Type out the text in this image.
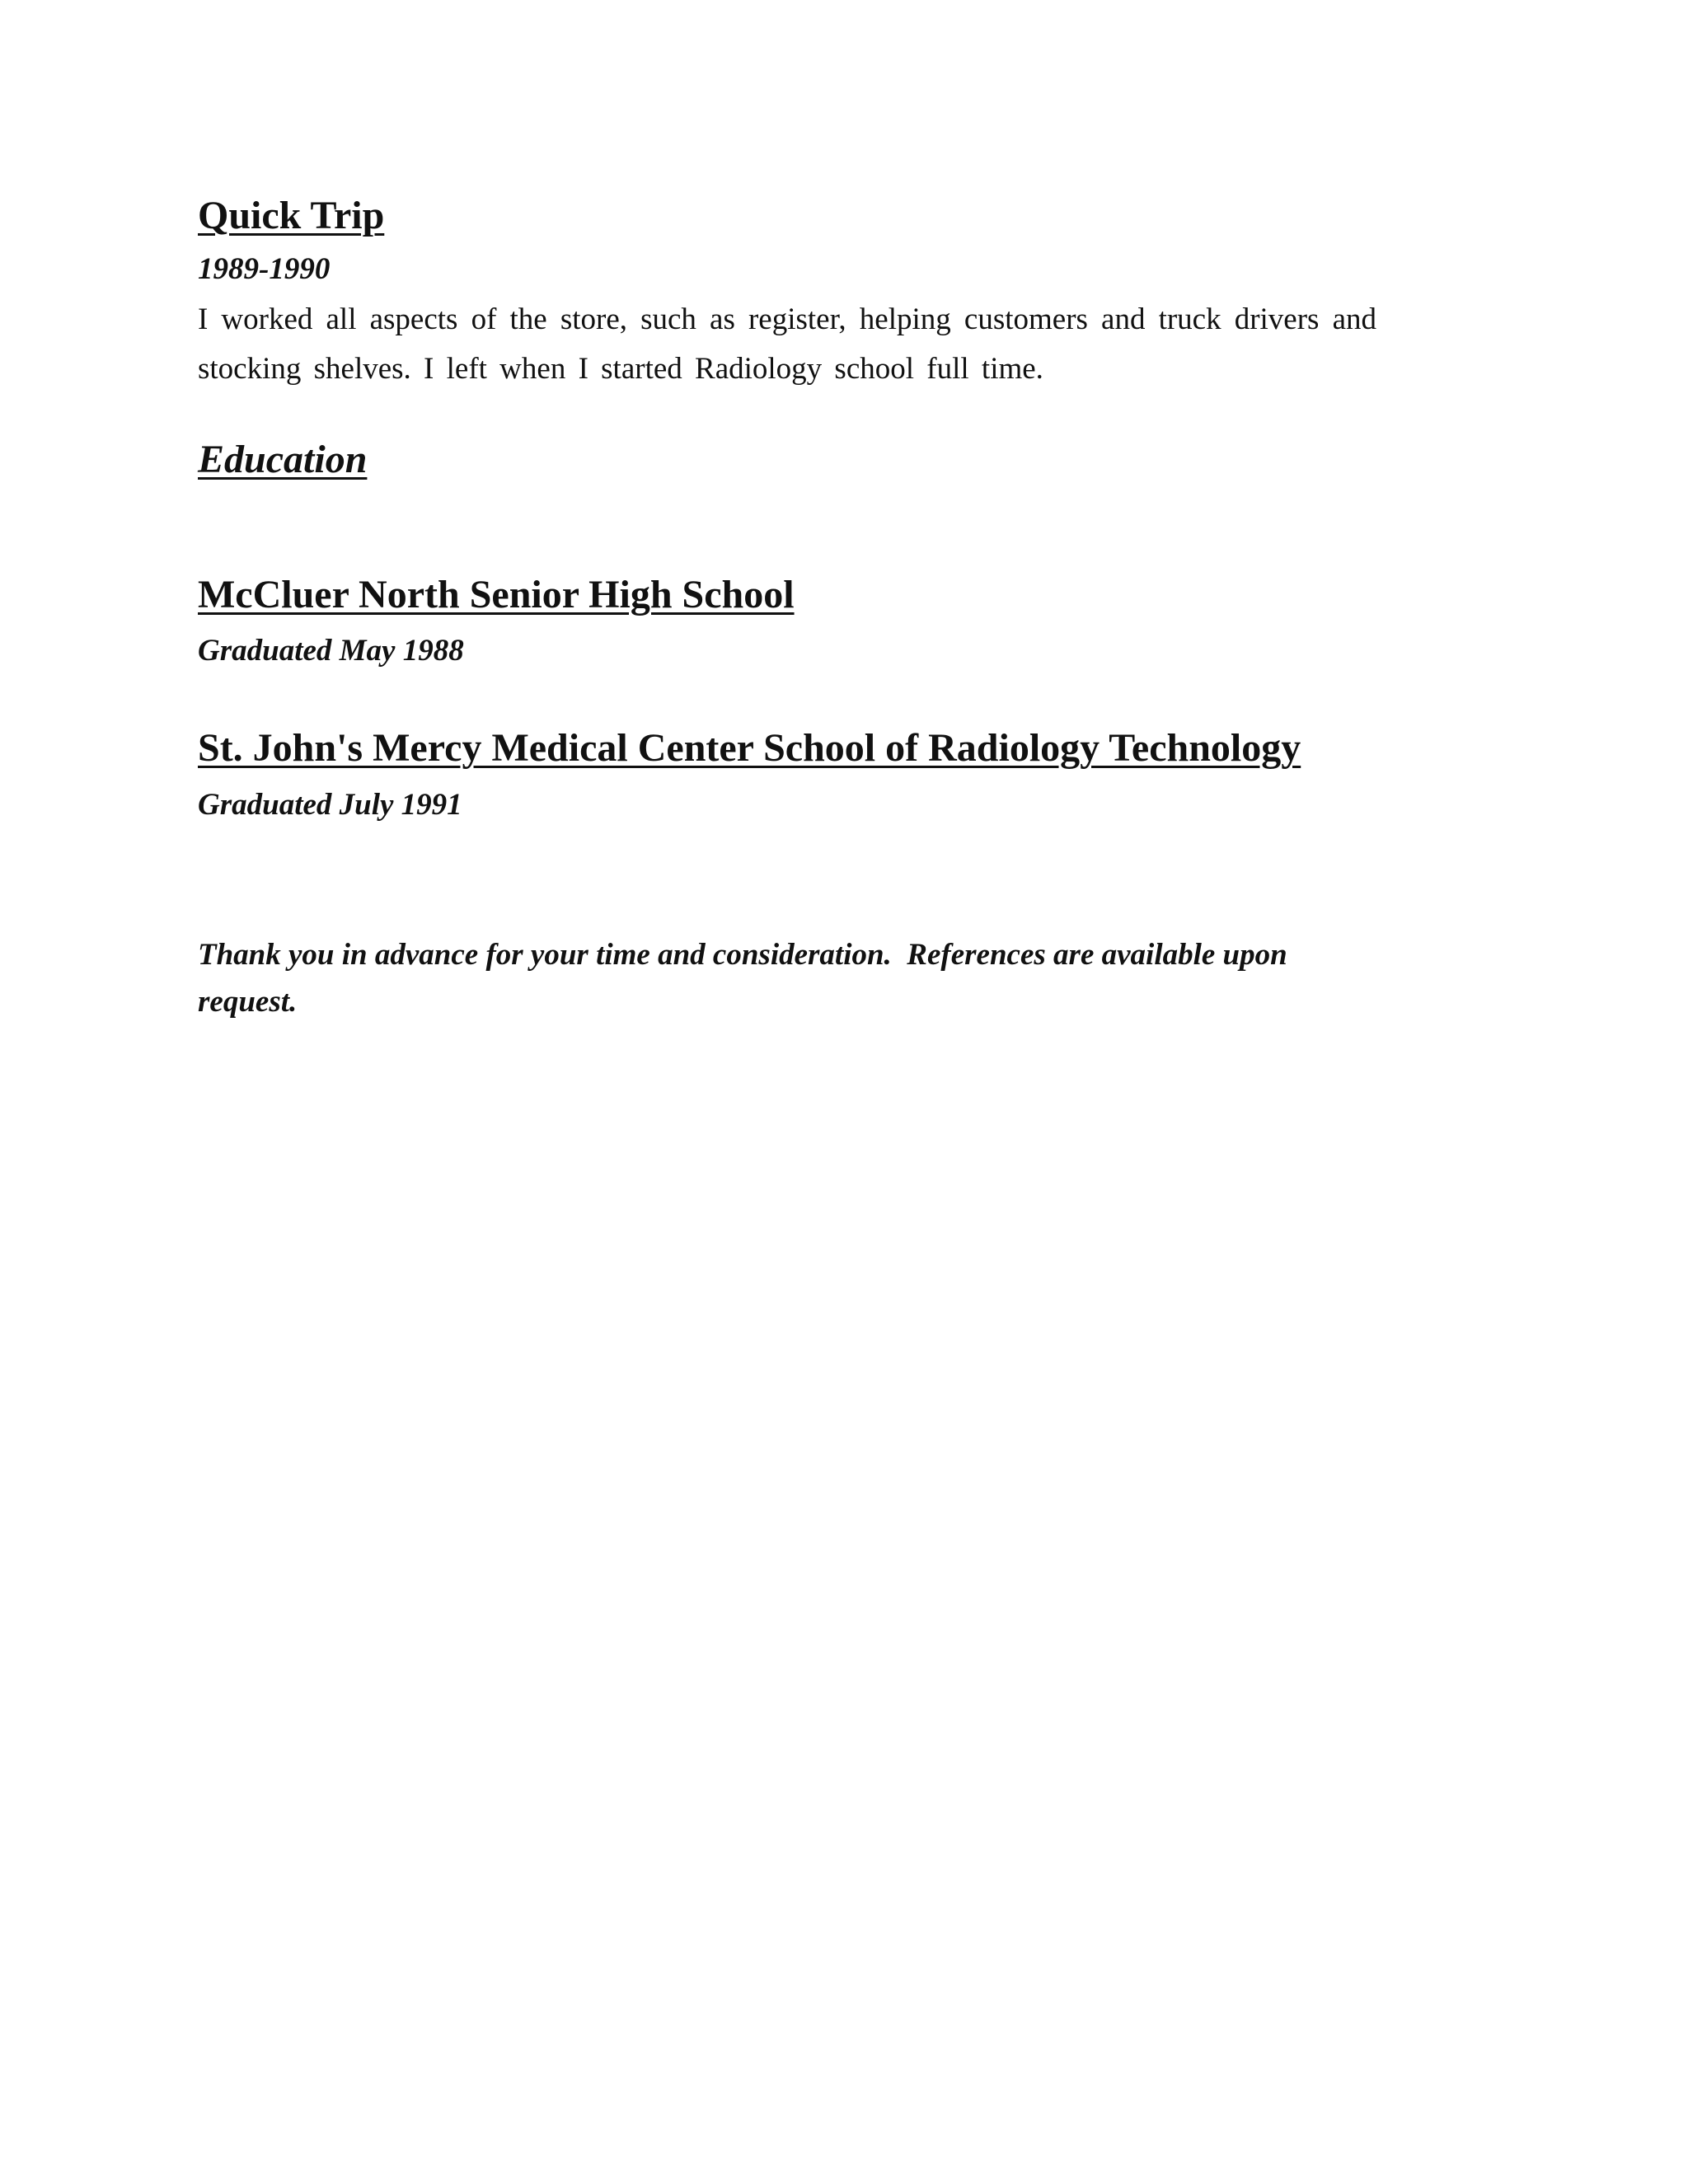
Quick Trip
1989-1990
I worked all aspects of the store, such as register, helping customers and truck drivers and stocking shelves. I left when I started Radiology school full time.
Education
McCluer North Senior High School
Graduated May 1988
St. John's Mercy Medical Center School of Radiology Technology
Graduated July 1991
Thank you in advance for your time and consideration.  References are available upon request.
